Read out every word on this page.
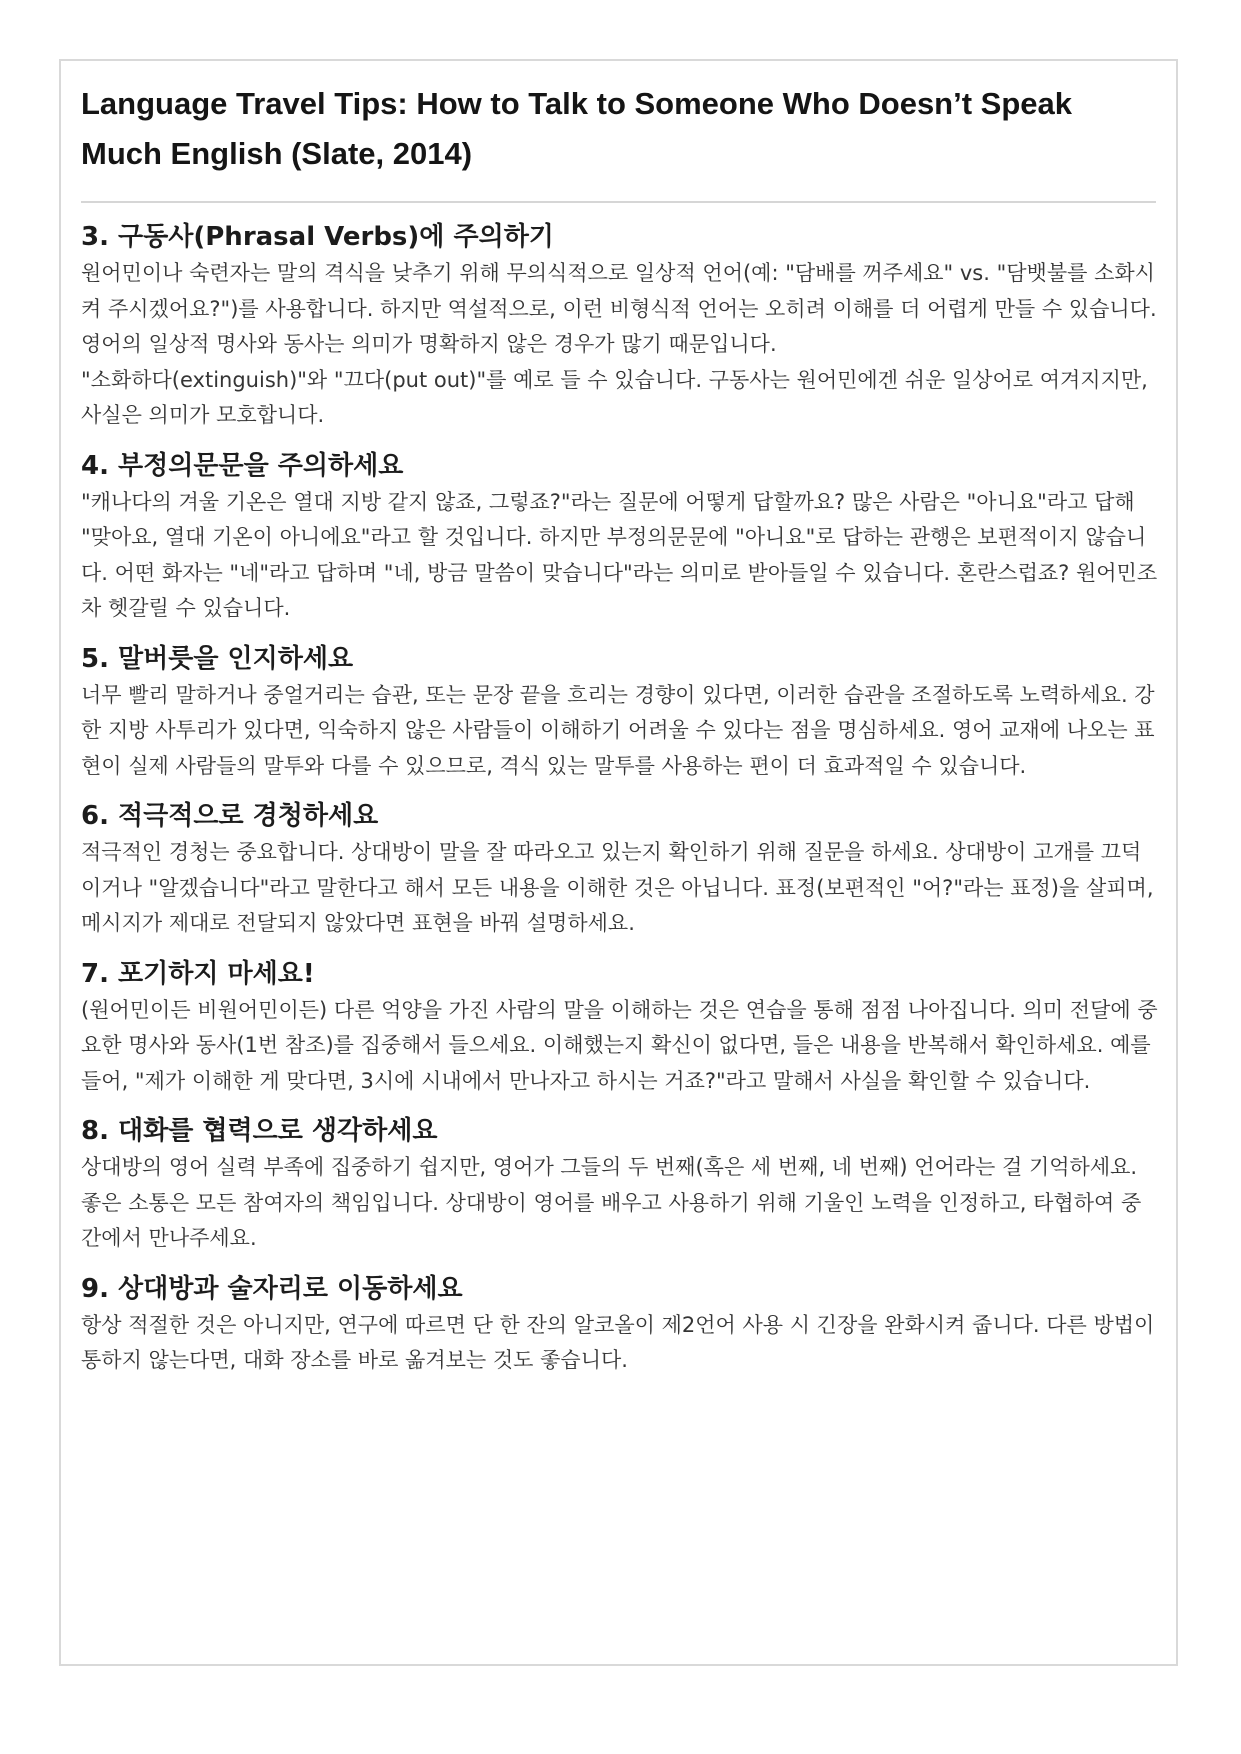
Language Travel Tips: How to Talk to Someone Who Doesn’t Speak Much English (Slate, 2014)
3. 구동사(Phrasal Verbs)에 주의하기

원어민이나 숙련자는 말의 격식을 낮추기 위해 무의식적으로 일상적 언어(예: "담배를 꺼주세요" vs. "담뱃불를 소화시켜 주시겠어요?")를 사용합니다. 하지만 역설적으로, 이런 비형식적 언어는 오히려 이해를 더 어렵게 만들 수 있습니다. 영어의 일상적 명사와 동사는 의미가 명확하지 않은 경우가 많기 때문입니다.

"소화하다(extinguish)"와 "끄다(put out)"를 예로 들 수 있습니다. 구동사는 원어민에겐 쉬운 일상어로 여겨지지만, 사실은 의미가 모호합니다.

4. 부정의문문을 주의하세요

"캐나다의 겨울 기온은 열대 지방 같지 않죠, 그렇죠?"라는 질문에 어떻게 답할까요? 많은 사람은 "아니요"라고 답해 "맞아요, 열대 기온이 아니에요"라고 할 것입니다. 하지만 부정의문문에 "아니요"로 답하는 관행은 보편적이지 않습니다. 어떤 화자는 "네"라고 답하며 "네, 방금 말씀이 맞습니다"라는 의미로 받아들일 수 있습니다. 혼란스럽죠? 원어민조차 헷갈릴 수 있습니다.

5. 말버릇을 인지하세요

너무 빨리 말하거나 중얼거리는 습관, 또는 문장 끝을 흐리는 경향이 있다면, 이러한 습관을 조절하도록 노력하세요. 강한 지방 사투리가 있다면, 익숙하지 않은 사람들이 이해하기 어려울 수 있다는 점을 명심하세요. 영어 교재에 나오는 표현이 실제 사람들의 말투와 다를 수 있으므로, 격식 있는 말투를 사용하는 편이 더 효과적일 수 있습니다.

6. 적극적으로 경청하세요

적극적인 경청는 중요합니다. 상대방이 말을 잘 따라오고 있는지 확인하기 위해 질문을 하세요. 상대방이 고개를 끄덕이거나 "알겠습니다"라고 말한다고 해서 모든 내용을 이해한 것은 아닙니다. 표정(보편적인 "어?"라는 표정)을 살피며, 메시지가 제대로 전달되지 않았다면 표현을 바꿔 설명하세요.

7. 포기하지 마세요!

(원어민이든 비원어민이든) 다른 억양을 가진 사람의 말을 이해하는 것은 연습을 통해 점점 나아집니다. 의미 전달에 중요한 명사와 동사(1번 참조)를 집중해서 들으세요. 이해했는지 확신이 없다면, 들은 내용을 반복해서 확인하세요. 예를 들어, "제가 이해한 게 맞다면, 3시에 시내에서 만나자고 하시는 거죠?"라고 말해서 사실을 확인할 수 있습니다.

8. 대화를 협력으로 생각하세요

상대방의 영어 실력 부족에 집중하기 쉽지만, 영어가 그들의 두 번째(혹은 세 번째, 네 번째) 언어라는 걸 기억하세요. 좋은 소통은 모든 참여자의 책임입니다. 상대방이 영어를 배우고 사용하기 위해 기울인 노력을 인정하고, 타협하여 중간에서 만나주세요.

9. 상대방과 술자리로 이동하세요

항상 적절한 것은 아니지만, 연구에 따르면 단 한 잔의 알코올이 제2언어 사용 시 긴장을 완화시켜 줍니다. 다른 방법이 통하지 않는다면, 대화 장소를 바로 옮겨보는 것도 좋습니다.
